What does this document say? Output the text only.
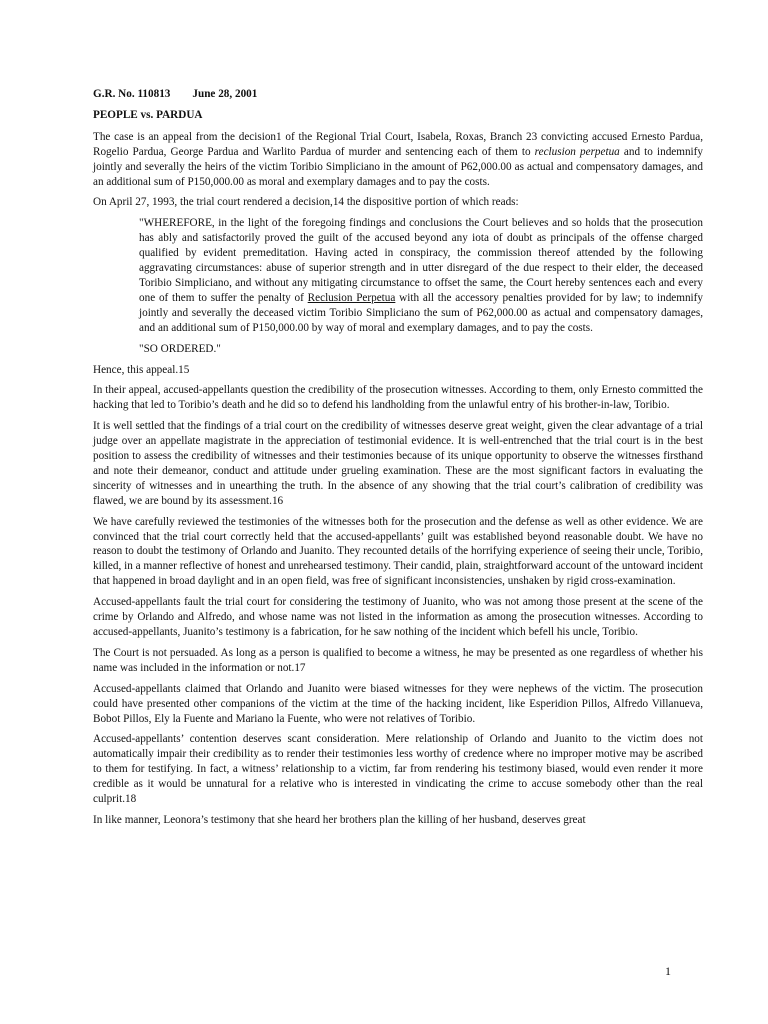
G.R. No. 110813 June 28, 2001
PEOPLE vs. PARDUA

The case is an appeal from the decision1 of the Regional Trial Court, Isabela, Roxas, Branch 23 convicting accused Ernesto Pardua, Rogelio Pardua, George Pardua and Warlito Pardua of murder and sentencing each of them to reclusion perpetua and to indemnify jointly and severally the heirs of the victim Toribio Simpliciano in the amount of P62,000.00 as actual and compensatory damages, and an additional sum of P150,000.00 as moral and exemplary damages and to pay the costs.

On April 27, 1993, the trial court rendered a decision,14 the dispositive portion of which reads:

"WHEREFORE, in the light of the foregoing findings and conclusions the Court believes and so holds that the prosecution has ably and satisfactorily proved the guilt of the accused beyond any iota of doubt as principals of the offense charged qualified by evident premeditation. Having acted in conspiracy, the commission thereof attended by the following aggravating circumstances: abuse of superior strength and in utter disregard of the due respect to their elder, the deceased Toribio Simpliciano, and without any mitigating circumstance to offset the same, the Court hereby sentences each and every one of them to suffer the penalty of Reclusion Perpetua with all the accessory penalties provided for by law; to indemnify jointly and severally the deceased victim Toribio Simpliciano the sum of P62,000.00 as actual and compensatory damages, and an additional sum of P150,000.00 by way of moral and exemplary damages, and to pay the costs.

"SO ORDERED."

Hence, this appeal.15

In their appeal, accused-appellants question the credibility of the prosecution witnesses. According to them, only Ernesto committed the hacking that led to Toribio’s death and he did so to defend his landholding from the unlawful entry of his brother-in-law, Toribio.

It is well settled that the findings of a trial court on the credibility of witnesses deserve great weight, given the clear advantage of a trial judge over an appellate magistrate in the appreciation of testimonial evidence. It is well-entrenched that the trial court is in the best position to assess the credibility of witnesses and their testimonies because of its unique opportunity to observe the witnesses firsthand and note their demeanor, conduct and attitude under grueling examination. These are the most significant factors in evaluating the sincerity of witnesses and in unearthing the truth. In the absence of any showing that the trial court’s calibration of credibility was flawed, we are bound by its assessment.16

We have carefully reviewed the testimonies of the witnesses both for the prosecution and the defense as well as other evidence. We are convinced that the trial court correctly held that the accused-appellants’ guilt was established beyond reasonable doubt. We have no reason to doubt the testimony of Orlando and Juanito. They recounted details of the horrifying experience of seeing their uncle, Toribio, killed, in a manner reflective of honest and unrehearsed testimony. Their candid, plain, straightforward account of the untoward incident that happened in broad daylight and in an open field, was free of significant inconsistencies, unshaken by rigid cross-examination.

Accused-appellants fault the trial court for considering the testimony of Juanito, who was not among those present at the scene of the crime by Orlando and Alfredo, and whose name was not listed in the information as among the prosecution witnesses. According to accused-appellants, Juanito’s testimony is a fabrication, for he saw nothing of the incident which befell his uncle, Toribio.

The Court is not persuaded. As long as a person is qualified to become a witness, he may be presented as one regardless of whether his name was included in the information or not.17

Accused-appellants claimed that Orlando and Juanito were biased witnesses for they were nephews of the victim. The prosecution could have presented other companions of the victim at the time of the hacking incident, like Esperidion Pillos, Alfredo Villanueva, Bobot Pillos, Ely la Fuente and Mariano la Fuente, who were not relatives of Toribio.

Accused-appellants’ contention deserves scant consideration. Mere relationship of Orlando and Juanito to the victim does not automatically impair their credibility as to render their testimonies less worthy of credence where no improper motive may be ascribed to them for testifying. In fact, a witness’ relationship to a victim, far from rendering his testimony biased, would even render it more credible as it would be unnatural for a relative who is interested in vindicating the crime to accuse somebody other than the real culprit.18

In like manner, Leonora’s testimony that she heard her brothers plan the killing of her husband, deserves great

1
